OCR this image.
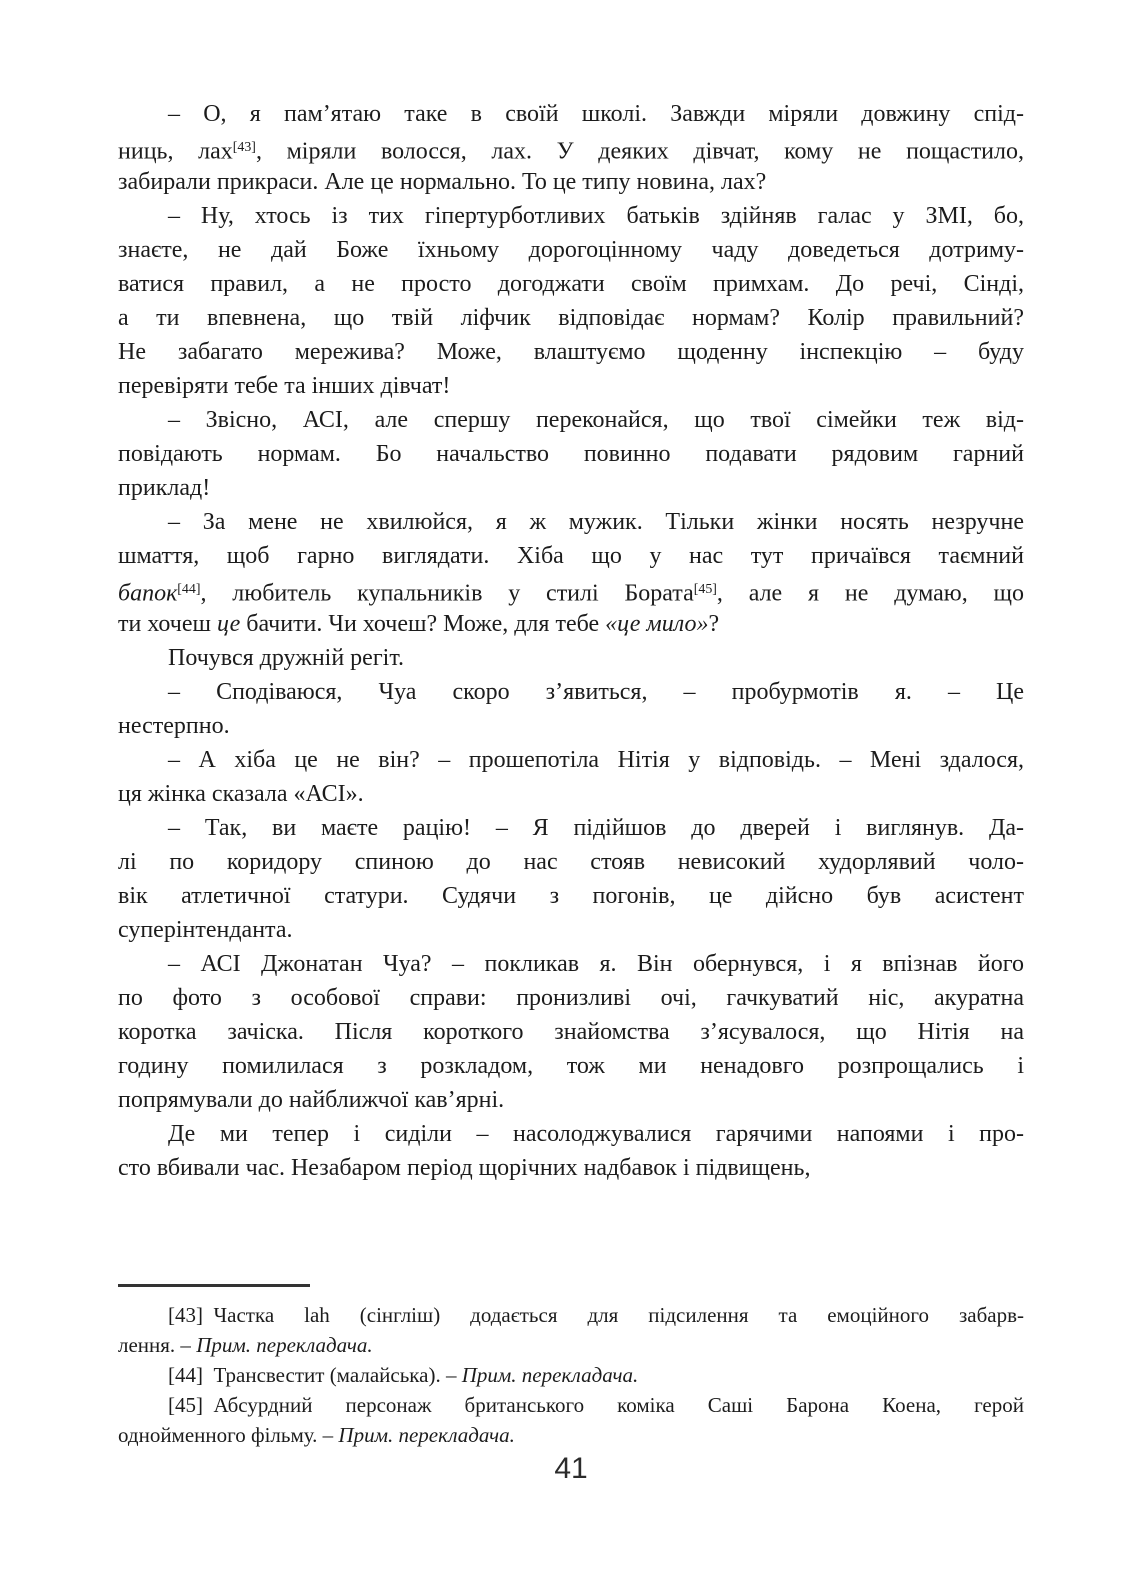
– О, я пам’ятаю таке в своїй школі. Завжди міряли довжину спід-
ниць, лах[43], міряли волосся, лах. У деяких дівчат, кому не пощастило,
забирали прикраси. Але це нормально. То це типу новина, лах?
– Ну, хтось із тих гіпертурботливих батьків здійняв галас у ЗМІ, бо,
знаєте, не дай Боже їхньому дорогоцінному чаду доведеться дотриму-
ватися правил, а не просто догоджати своїм примхам. До речі, Сінді,
а ти впевнена, що твій ліфчик відповідає нормам? Колір правильний?
Не забагато мережива? Може, влаштуємо щоденну інспекцію – буду
перевіряти тебе та інших дівчат!
– Звісно, АСІ, але спершу переконайся, що твої сімейки теж від-
повідають нормам. Бо начальство повинно подавати рядовим гарний
приклад!
– За мене не хвилюйся, я ж мужик. Тільки жінки носять незручне
шмаття, щоб гарно виглядати. Хіба що у нас тут причаївся таємний
бапок[44], любитель купальників у стилі Бората[45], але я не думаю, що
ти хочеш це бачити. Чи хочеш? Може, для тебе «це мило»?
Почувся дружній регіт.
– Сподіваюся, Чуа скоро з’явиться, – пробурмотів я. – Це
нестерпно.
– А хіба це не він? – прошепотіла Нітія у відповідь. – Мені здалося,
ця жінка сказала «АСІ».
– Так, ви маєте рацію! – Я підійшов до дверей і виглянув. Да-
лі по коридору спиною до нас стояв невисокий худорлявий чоло-
вік атлетичної статури. Судячи з погонів, це дійсно був асистент
суперінтенданта.
– АСІ Джонатан Чуа? – покликав я. Він обернувся, і я впізнав його
по фото з особової справи: пронизливі очі, гачкуватий ніс, акуратна
коротка зачіска. Після короткого знайомства з’ясувалося, що Нітія на
годину помилилася з розкладом, тож ми ненадовго розпрощались і
попрямували до найближчої кав’ярні.
Де ми тепер і сиділи – насолоджувалися гарячими напоями і про-
сто вбивали час. Незабаром період щорічних надбавок і підвищень,
[43] Частка lah (сінгліш) додається для підсилення та емоційного забарв-
лення. – Прим. перекладача.
[44] Трансвестит (малайська). – Прим. перекладача.
[45] Абсурдний персонаж британського коміка Саші Барона Коена, герой
однойменного фільму. – Прим. перекладача.
41
